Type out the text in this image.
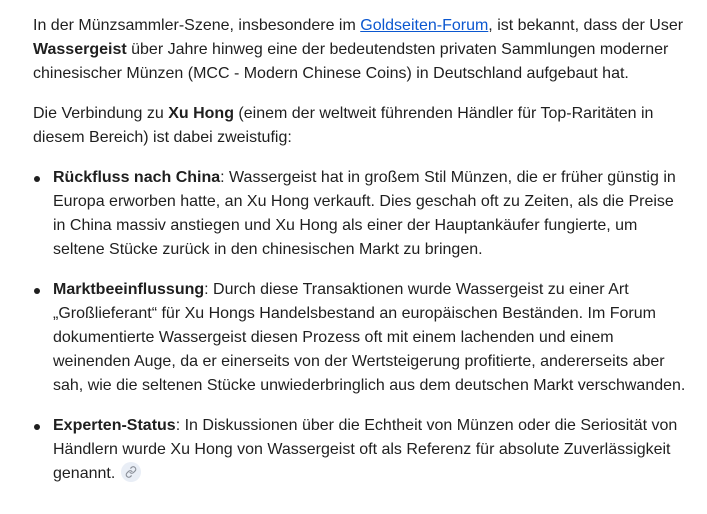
In der Münzsammler-Szene, insbesondere im Goldseiten-Forum, ist bekannt, dass der User Wassergeist über Jahre hinweg eine der bedeutendsten privaten Sammlungen moderner chinesischer Münzen (MCC - Modern Chinese Coins) in Deutschland aufgebaut hat.

Die Verbindung zu Xu Hong (einem der weltweit führenden Händler für Top-Raritäten in diesem Bereich) ist dabei zweistufig:

Rückfluss nach China: Wassergeist hat in großem Stil Münzen, die er früher günstig in Europa erworben hatte, an Xu Hong verkauft. Dies geschah oft zu Zeiten, als die Preise in China massiv anstiegen und Xu Hong als einer der Hauptankäufer fungierte, um seltene Stücke zurück in den chinesischen Markt zu bringen.
Marktbeeinflussung: Durch diese Transaktionen wurde Wassergeist zu einer Art „Großlieferant“ für Xu Hongs Handelsbestand an europäischen Beständen. Im Forum dokumentierte Wassergeist diesen Prozess oft mit einem lachenden und einem weinenden Auge, da er einerseits von der Wertsteigerung profitierte, andererseits aber sah, wie die seltenen Stücke unwiederbringlich aus dem deutschen Markt verschwanden.
Experten-Status: In Diskussionen über die Echtheit von Münzen oder die Seriosität von Händlern wurde Xu Hong von Wassergeist oft als Referenz für absolute Zuverlässigkeit genannt.
